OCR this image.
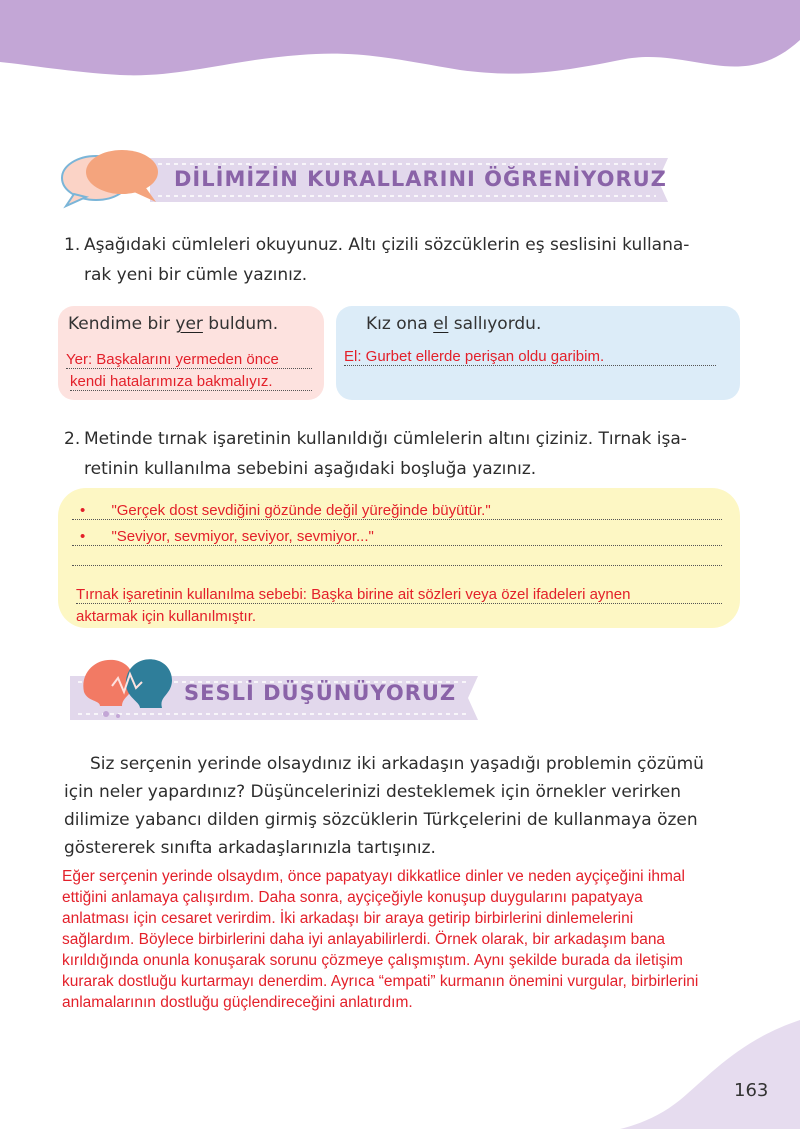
DİLİMİZİN KURALLARINI ÖĞRENİYORUZ
1. Aşağıdaki cümleleri okuyunuz. Altı çizili sözcüklerin eş seslisini kullana-
rak yeni bir cümle yazınız.
Kendime bir yer buldum.
Yer: Başkalarını yermeden önce
kendi hatalarımıza bakmalıyız.
Kız ona el sallıyordu.
El: Gurbet ellerde perişan oldu garibim.
2. Metinde tırnak işaretinin kullanıldığı cümlelerin altını çiziniz. Tırnak işa-
retinin kullanılma sebebini aşağıdaki boşluğa yazınız.
• "Gerçek dost sevdiğini gözünde değil yüreğinde büyütür."
• "Seviyor, sevmiyor, seviyor, sevmiyor..."
Tırnak işaretinin kullanılma sebebi: Başka birine ait sözleri veya özel ifadeleri aynen
aktarmak için kullanılmıştır.
SESLİ DÜŞÜNÜYORUZ
Siz serçenin yerinde olsaydınız iki arkadaşın yaşadığı problemin çözümü
için neler yapardınız? Düşüncelerinizi desteklemek için örnekler verirken
dilimize yabancı dilden girmiş sözcüklerin Türkçelerini de kullanmaya özen
göstererek sınıfta arkadaşlarınızla tartışınız.
Eğer serçenin yerinde olsaydım, önce papatyayı dikkatlice dinler ve neden ayçiçeğini ihmal
ettiğini anlamaya çalışırdım. Daha sonra, ayçiçeğiyle konuşup duygularını papatyaya
anlatması için cesaret verirdim. İki arkadaşı bir araya getirip birbirlerini dinlemelerini
sağlardım. Böylece birbirlerini daha iyi anlayabilirlerdi. Örnek olarak, bir arkadaşım bana
kırıldığında onunla konuşarak sorunu çözmeye çalışmıştım. Aynı şekilde burada da iletişim
kurarak dostluğu kurtarmayı denerdim. Ayrıca “empati” kurmanın önemini vurgular, birbirlerini
anlamalarının dostluğu güçlendireceğini anlatırdım.
163
